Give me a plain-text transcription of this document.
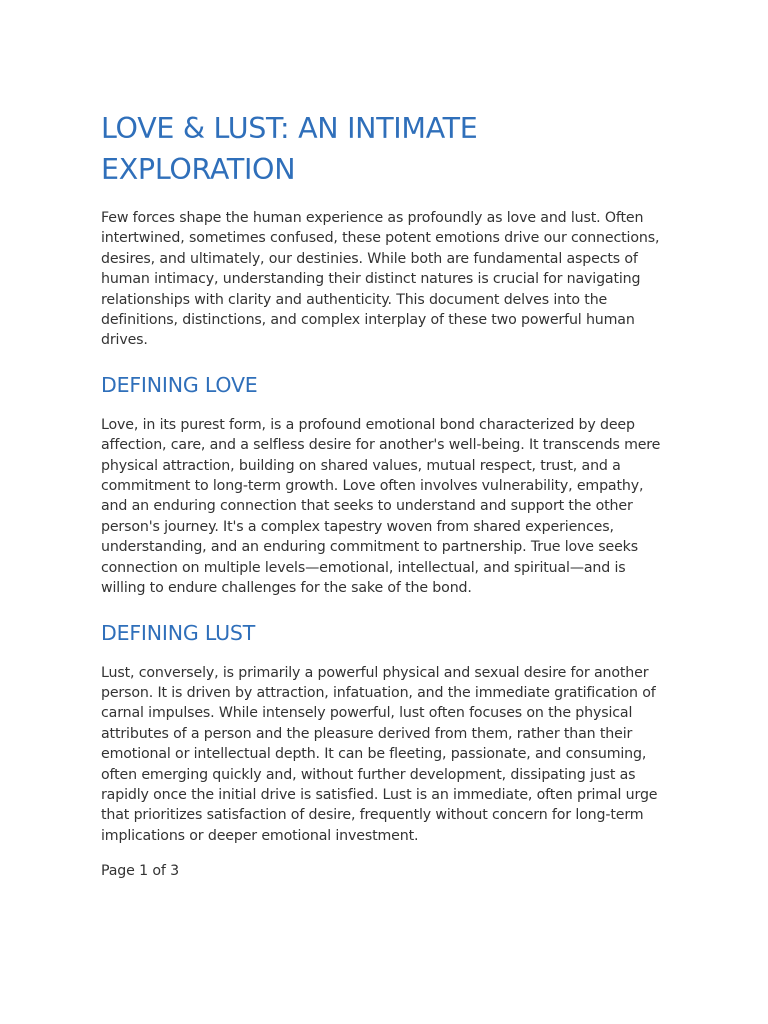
LOVE & LUST: AN INTIMATE
EXPLORATION

Few forces shape the human experience as profoundly as love and lust. Often intertwined, sometimes confused, these potent emotions drive our connections, desires, and ultimately, our destinies. While both are fundamental aspects of human intimacy, understanding their distinct natures is crucial for navigating relationships with clarity and authenticity. This document delves into the definitions, distinctions, and complex interplay of these two powerful human drives.

DEFINING LOVE

Love, in its purest form, is a profound emotional bond characterized by deep affection, care, and a selfless desire for another's well-being. It transcends mere physical attraction, building on shared values, mutual respect, trust, and a commitment to long-term growth. Love often involves vulnerability, empathy, and an enduring connection that seeks to understand and support the other person's journey. It's a complex tapestry woven from shared experiences, understanding, and an enduring commitment to partnership. True love seeks connection on multiple levels—emotional, intellectual, and spiritual—and is willing to endure challenges for the sake of the bond.

DEFINING LUST

Lust, conversely, is primarily a powerful physical and sexual desire for another person. It is driven by attraction, infatuation, and the immediate gratification of carnal impulses. While intensely powerful, lust often focuses on the physical attributes of a person and the pleasure derived from them, rather than their emotional or intellectual depth. It can be fleeting, passionate, and consuming, often emerging quickly and, without further development, dissipating just as rapidly once the initial drive is satisfied. Lust is an immediate, often primal urge that prioritizes satisfaction of desire, frequently without concern for long-term implications or deeper emotional investment.

Page 1 of 3
